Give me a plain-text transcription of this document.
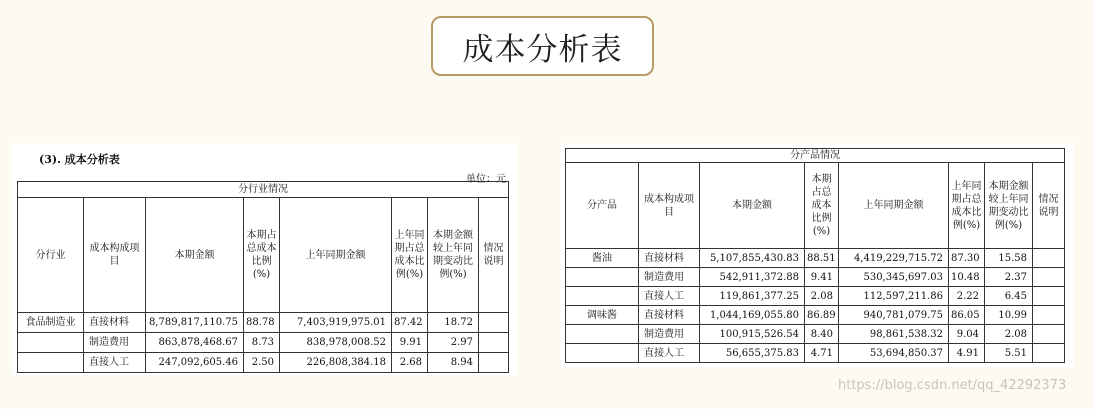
成本分析表
(3). 成本分析表
单位：元
分行业情况							
分行业	成本构成项目	本期金额	本期占总成本比例(%)	上年同期金额	上年同期占总成本比例(%)	本期金额较上年同期变动比例(%)	情况说明
食品制造业	直接材料	8,789,817,110.75	88.78	7,403,919,975.01	87.42	18.72	
	制造费用	863,878,468.67	8.73	838,978,008.52	9.91	2.97	
	直接人工	247,092,605.46	2.50	226,808,384.18	2.68	8.94	
分产品情况							
分产品	成本构成项目	本期金额	本期占总成本比例(%)	上年同期金额	上年同期占总成本比例(%)	本期金额较上年同期变动比例(%)	情况说明
酱油	直接材料	5,107,855,430.83	88.51	4,419,229,715.72	87.30	15.58	
	制造费用	542,911,372.88	9.41	530,345,697.03	10.48	2.37	
	直接人工	119,861,377.25	2.08	112,597,211.86	2.22	6.45	
调味酱	直接材料	1,044,169,055.80	86.89	940,781,079.75	86.05	10.99	
	制造费用	100,915,526.54	8.40	98,861,538.32	9.04	2.08	
	直接人工	56,655,375.83	4.71	53,694,850.37	4.91	5.51	
https://blog.csdn.net/qq_42292373
